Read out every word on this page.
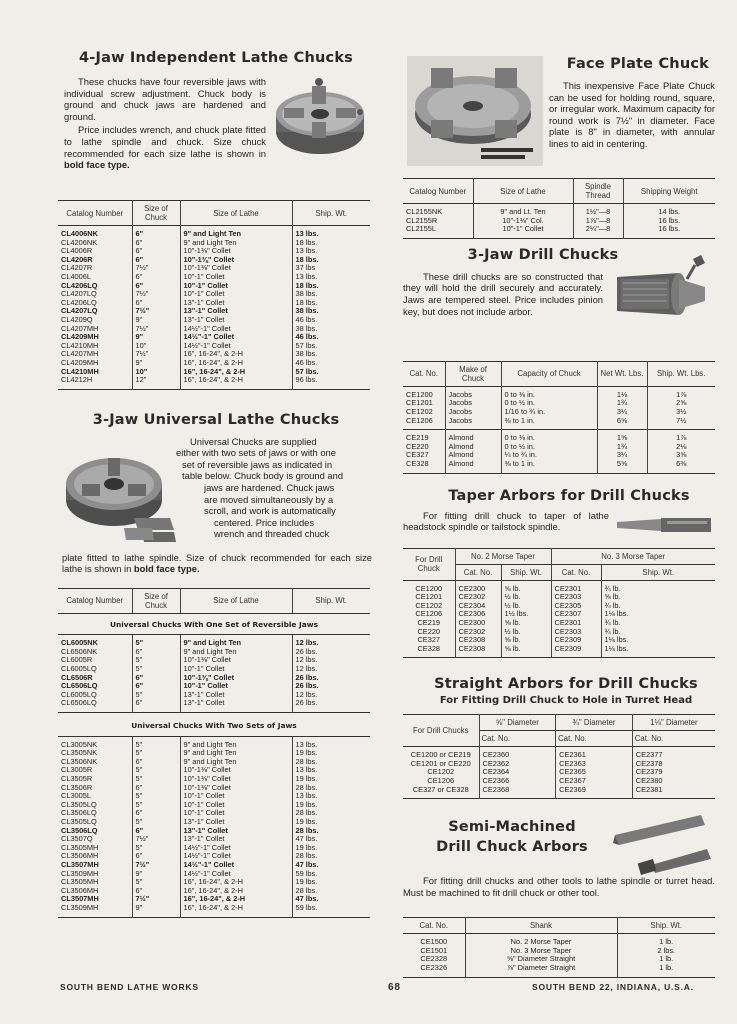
4-Jaw Independent Lathe Chucks

These chucks have four reversible jaws with individual screw adjustment. Chuck body is ground and chuck jaws are hardened and ground.

Price includes wrench, and chuck plate fitted to lathe spindle and chuck. Size chuck recommended for each size lathe is shown in bold face type.

Catalog Number	Size of Chuck	Size of Lathe	Ship. Wt.
CL4006NK	6"	9" and Light Ten	13 lbs.
CL4206NK	6"	9" and Light Ten	18 lbs.
CL4006R	6"	10"-1⅜" Collet	13 lbs.
CL4206R	6"	10"-1⅜" Collet	18 lbs.
CL4207R	7½"	10"-1⅜" Collet	37 lbs
CL4006L	6"	10"-1" Collet	13 lbs.
CL4206LQ	6"	10"-1" Collet	18 lbs.
CL4207LQ	7½"	10"-1" Collet	38 lbs.
CL4206LQ	6"	13"-1" Collet	18 lbs.
CL4207LQ	7½"	13"-1" Collet	38 lbs.
CL4209Q	9"	13"-1" Collet	46 lbs.
CL4207MH	7½"	14½"-1" Collet	38 lbs.
CL4209MH	9"	14½"-1" Collet	46 lbs.
CL4210MH	10"	14½"-1" Collet	57 lbs.
CL4207MH	7½"	16", 16-24", & 2-H	38 lbs.
CL4209MH	9"	16", 16-24", & 2-H	46 lbs.
CL4210MH	10"	16", 16-24", & 2-H	57 lbs.
CL4212H	12"	16", 16-24", & 2-H	96 lbs.
3-Jaw Universal Lathe Chucks

Universal Chucks are supplied

either with two sets of jaws or with one

set of reversible jaws as indicated in

table below. Chuck body is ground and

jaws are hardened. Chuck jaws

are moved simultaneously by a

scroll, and work is automatically

centered. Price includes

wrench and threaded chuck

plate fitted to lathe spindle. Size of chuck recommended for each size lathe is shown in bold face type.

Catalog Number	Size of Chuck	Size of Lathe	Ship. Wt.
Universal Chucks With One Set of Reversible Jaws			
CL6005NK	5"	9" and Light Ten	12 lbs.
CL6506NK	6"	9" and Light Ten	26 lbs.
CL6005R	5"	10"-1⅜" Collet	12 lbs.
CL6005LQ	5"	10"-1" Collet	12 lbs.
CL6506R	6"	10"-1⅜" Collet	26 lbs.
CL6506LQ	6"	10"-1" Collet	26 lbs.
CL6005LQ	5"	13"-1" Collet	12 lbs.
CL6506LQ	6"	13"-1" Collet	26 lbs.
Universal Chucks With Two Sets of Jaws			
CL3005NK	5"	9" and Light Ten	13 lbs.
CL3505NK	5"	9" and Light Ten	19 lbs.
CL3506NK	6"	9" and Light Ten	28 lbs.
CL3005R	5"	10"-1⅜" Collet	13 lbs.
CL3505R	5"	10"-1⅜" Collet	19 lbs.
CL3506R	6"	10"-1⅜" Collet	28 lbs.
CL3005L	5"	10"-1" Collet	13 lbs.
CL3505LQ	5"	10"-1" Collet	19 lbs.
CL3506LQ	6"	10"-1" Collet	28 lbs.
CL3505LQ	5"	13"-1" Collet	19 lbs.
CL3506LQ	6"	13"-1" Collet	28 lbs.
CL3507Q	7½"	13"-1" Collet	47 lbs.
CL3505MH	5"	14½"-1" Collet	19 lbs.
CL3506MH	6"	14½"-1" Collet	28 lbs.
CL3507MH	7½"	14½"-1" Collet	47 lbs.
CL3509MH	9"	14½"-1" Collet	59 lbs.
CL3505MH	5"	16", 16-24", & 2-H	19 lbs.
CL3506MH	6"	16", 16-24", & 2-H	28 lbs.
CL3507MH	7½"	16", 16-24", & 2-H	47 lbs.
CL3509MH	9"	16", 16-24", & 2-H	59 lbs.
Face Plate Chuck

This inexpensive Face Plate Chuck can be used for holding round, square, or irregular work. Maximum capacity for round work is 7½" in diameter. Face plate is 8" in diameter, with annular lines to aid in centering.

Catalog Number	Size of Lathe	Spindle Thread	Shipping Weight
CL2155NK	9" and Lt. Ten	1½"—8	14 lbs.
CL2155R	10"-1⅜" Col.	1⅞"—8	16 lbs.
CL2155L	10"-1" Collet	2¼"—8	16 lbs.
3-Jaw Drill Chucks

These drill chucks are so constructed that they will hold the drill securely and accurately. Jaws are tempered steel. Price includes pinion key, but does not include arbor.

Cat. No.	Make of Chuck	Capacity of Chuck	Net Wt. Lbs.	Ship. Wt. Lbs.
CE1200	Jacobs	0 to ⅜ in.	1⅛	1⅞
CE1201	Jacobs	0 to ½ in.	1¾	2⅝
CE1202	Jacobs	1/16 to ¾ in.	3¼	3½
CE1206	Jacobs	⅜ to 1 in.	6⅝	7½
CE219	Almond	0 to ⅜ in.	1⅝	1⅞
CE220	Almond	0 to ½ in.	1¾	2⅛
CE327	Almond	¼ to ¾ in.	3¼	3⅝
CE328	Almond	⅜ to 1 in.	5⅝	6⅜
Taper Arbors for Drill Chucks

For fitting drill chuck to taper of lathe headstock spindle or tailstock spindle.

For Drill Chuck	No. 2 Morse Taper		No. 3 Morse Taper	
	Cat. No.	Ship. Wt.	Cat. No.	Ship. Wt.
CE1200	CE2300	⅝ lb.	CE2301	¾ lb.
CE1201	CE2302	½ lb.	CE2303	⅝ lb.
CE1202	CE2304	½ lb.	CE2305	¾ lb.
CE1206	CE2306	1½ lbs.	CE2307	1⅛ lbs.
CE219	CE2300	⅝ lb.	CE2301	¾ lb.
CE220	CE2302	½ lb.	CE2303	¾ lb.
CE327	CE2308	⅝ lb.	CE2309	1⅛ lbs.
CE328	CE2308	⅝ lb.	CE2309	1⅛ lbs.
Straight Arbors for Drill Chucks

For Fitting Drill Chuck to Hole in Turret Head

For Drill Chucks	⅝" Diameter	¾" Diameter	1⅛" Diameter
	Cat. No.	Cat. No.	Cat. No.
CE1200 or CE219	CE2360	CE2361	CE2377
CE1201 or CE220	CE2362	CE2363	CE2378
CE1202	CE2364	CE2365	CE2379
CE1206	CE2366	CE2367	CE2380
CE327 or CE328	CE2368	CE2369	CE2381
Semi-Machined
Drill Chuck Arbors

For fitting drill chucks and other tools to lathe spindle or turret head. Must be machined to fit drill chuck or other tool.

Cat. No.	Shank	Ship. Wt.
CE1500	No. 2 Morse Taper	1 lb.
CE1501	No. 3 Morse Taper	2 lbs.
CE2328	⅝" Diameter Straight	1 lb.
CE2326	⅞" Diameter Straight	1 lb.
SOUTH BEND LATHE WORKS	68	SOUTH BEND 22, INDIANA, U.S.A.
